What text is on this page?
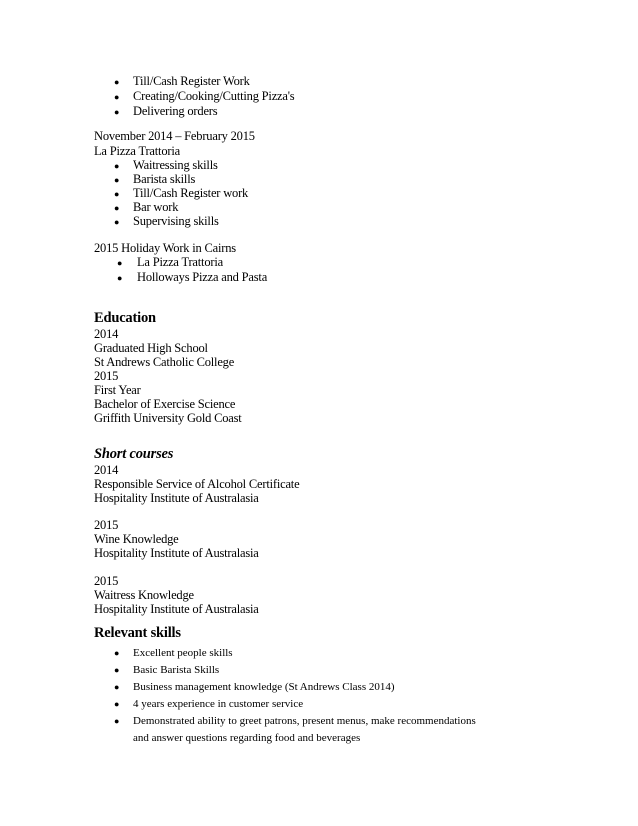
● Till/Cash Register Work
● Creating/Cooking/Cutting Pizza's
● Delivering orders
November 2014 – February 2015
La Pizza Trattoria
● Waitressing skills
● Barista skills
● Till/Cash Register work
● Bar work
● Supervising skills
2015 Holiday Work in Cairns
● La Pizza Trattoria
● Holloways Pizza and Pasta
Education
2014
Graduated High School
St Andrews Catholic College
2015
First Year
Bachelor of Exercise Science
Griffith University Gold Coast
Short courses
2014
Responsible Service of Alcohol Certificate
Hospitality Institute of Australasia
2015
Wine Knowledge
Hospitality Institute of Australasia
2015
Waitress Knowledge
Hospitality Institute of Australasia
Relevant skills
● Excellent people skills
● Basic Barista Skills
● Business management knowledge (St Andrews Class 2014)
● 4 years experience in customer service
● Demonstrated ability to greet patrons, present menus, make recommendations
and answer questions regarding food and beverages
